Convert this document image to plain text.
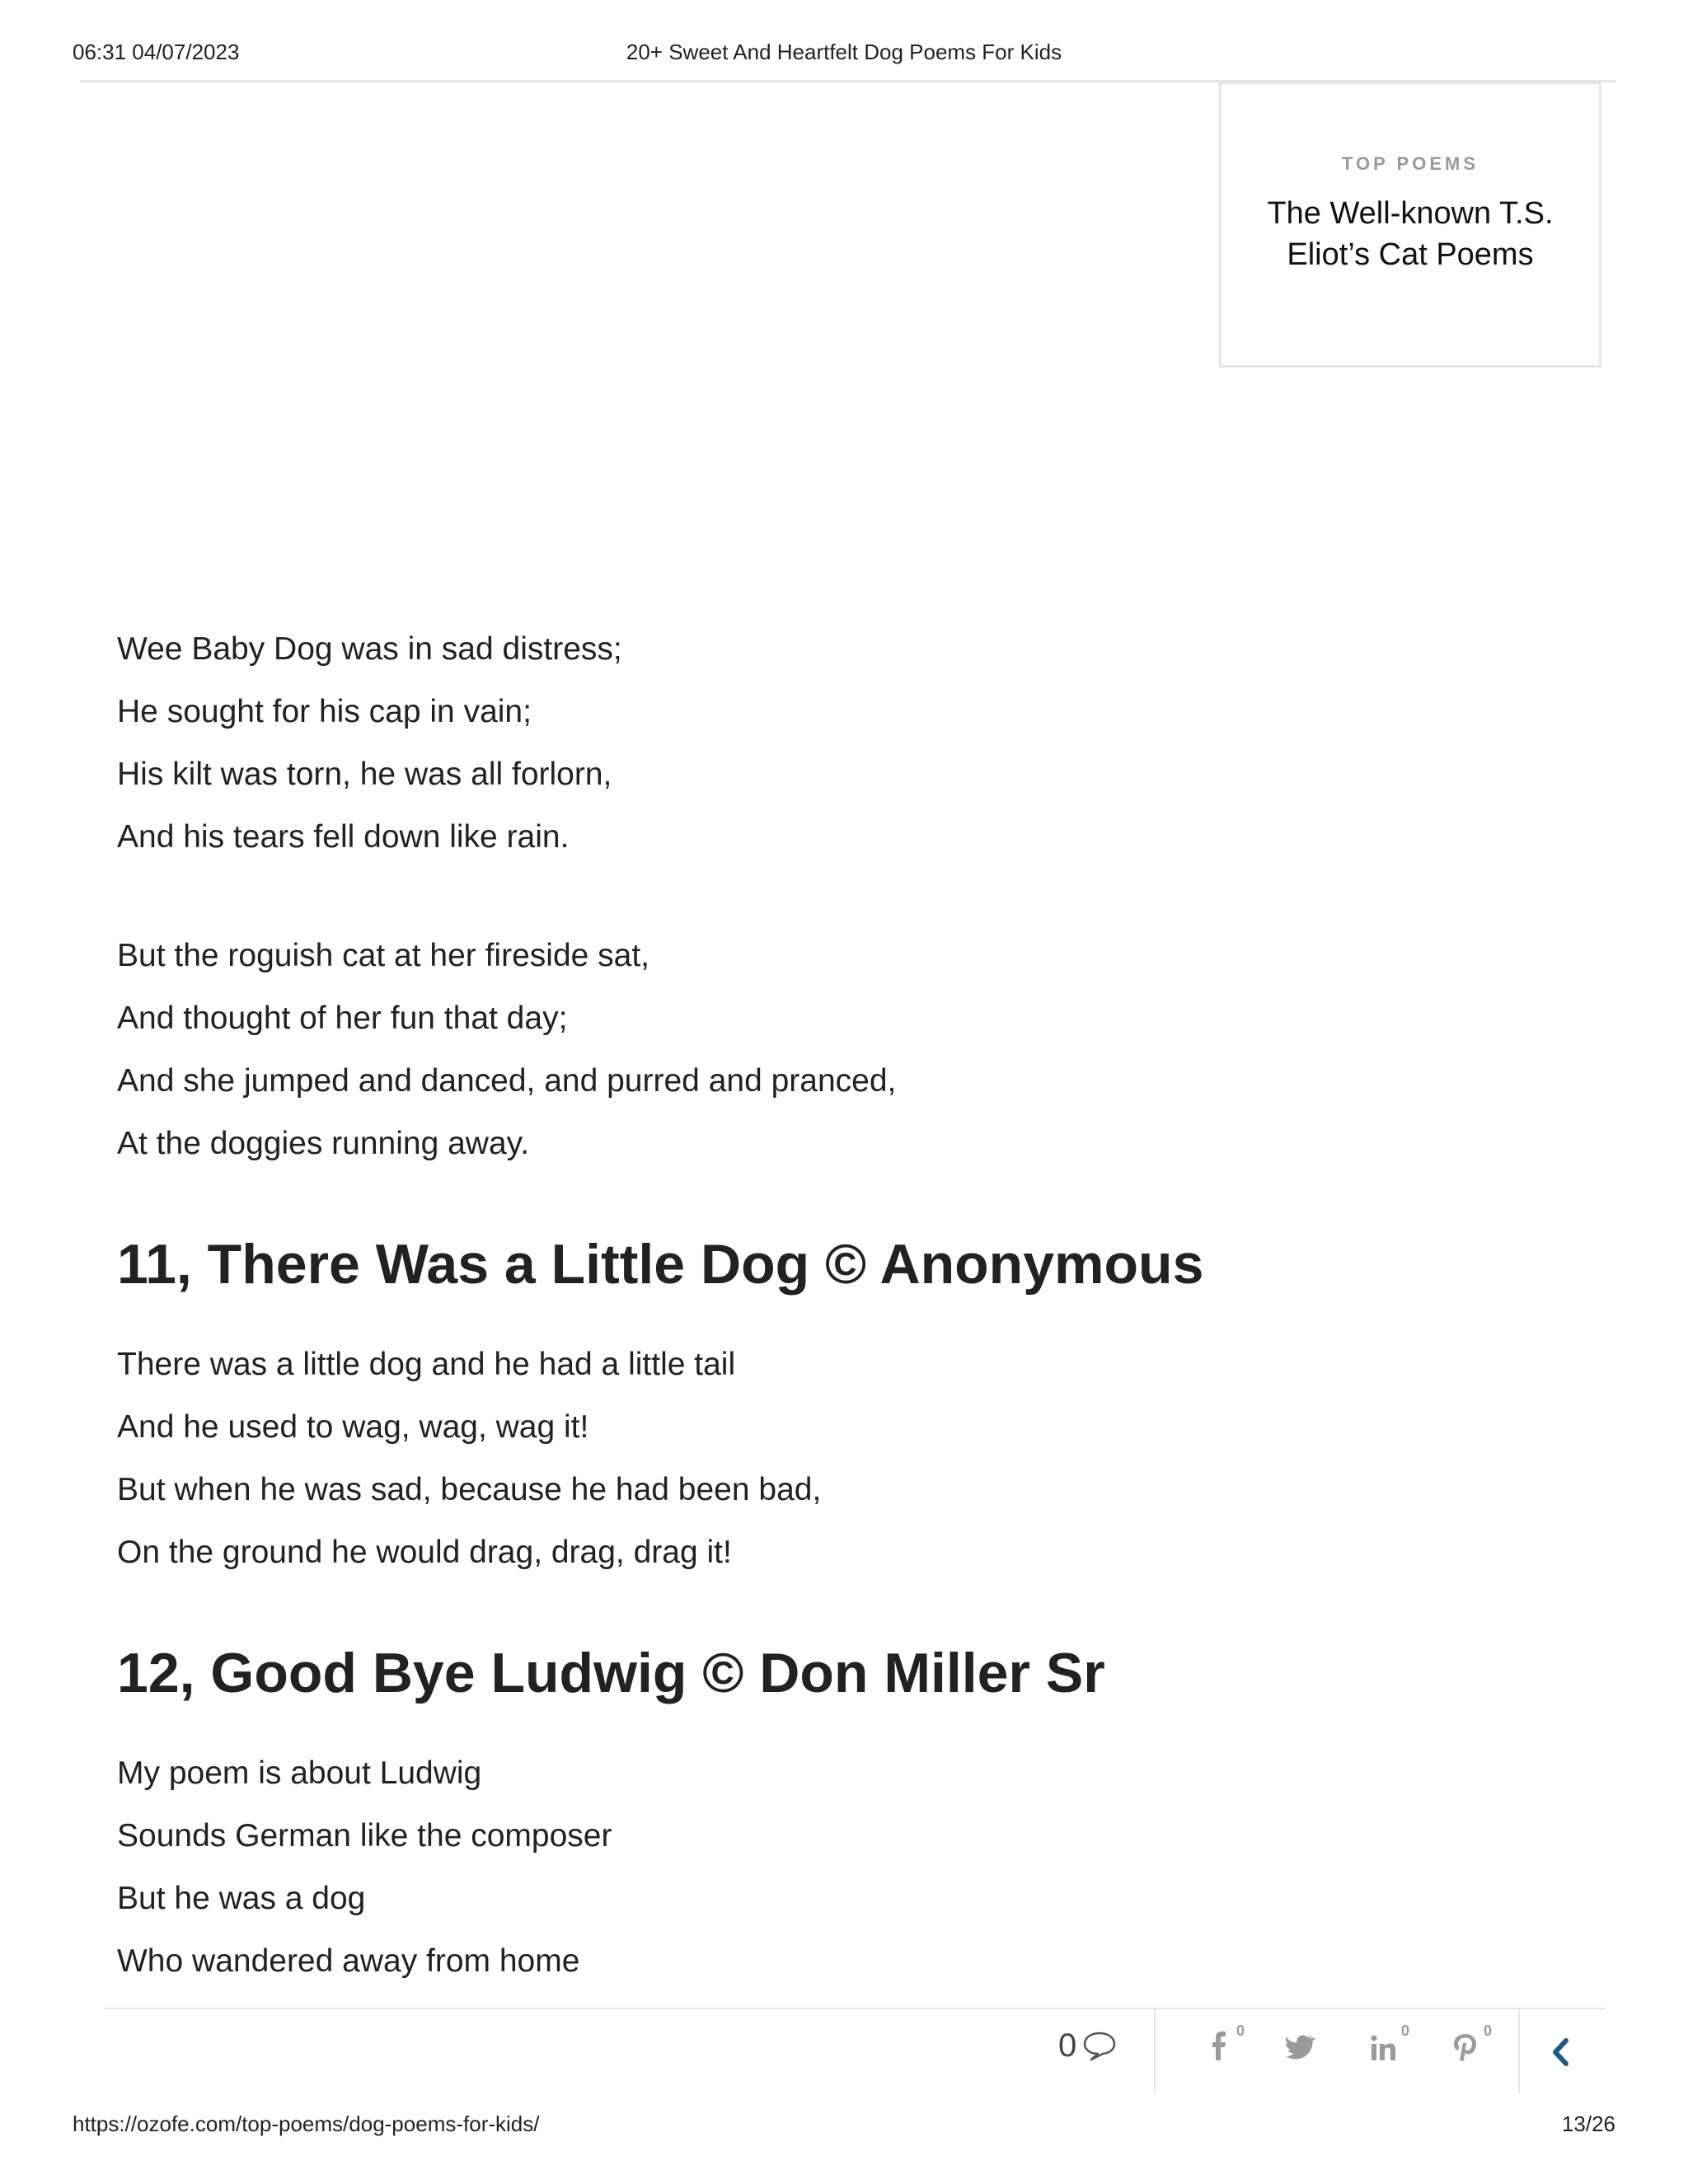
06:31 04/07/2023	20+ Sweet And Heartfelt Dog Poems For Kids
TOP POEMS
The Well-known T.S. Eliot’s Cat Poems
Wee Baby Dog was in sad distress;
He sought for his cap in vain;
His kilt was torn, he was all forlorn,
And his tears fell down like rain.
But the roguish cat at her fireside sat,
And thought of her fun that day;
And she jumped and danced, and purred and pranced,
At the doggies running away.
11, There Was a Little Dog © Anonymous
There was a little dog and he had a little tail
And he used to wag, wag, wag it!
But when he was sad, because he had been bad,
On the ground he would drag, drag, drag it!
12, Good Bye Ludwig © Don Miller Sr
My poem is about Ludwig
Sounds German like the composer
But he was a dog
Who wandered away from home
0	0	0	0
https://ozofe.com/top-poems/dog-poems-for-kids/	13/26
